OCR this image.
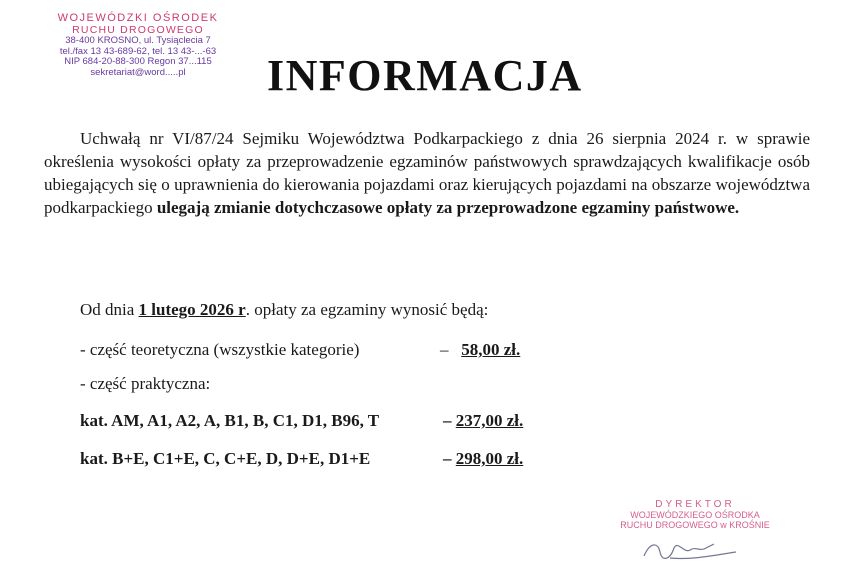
WOJEWÓDZKI OŚRODEK
RUCHU DROGOWEGO
38-400 KROSNO, ul. Tysiąclecia 7
tel./fax 13 43-689-62, tel. 13 43-...-63
NIP 684-20-88-300 Regon 37...115
sekretariat@word.....pl	INFORMACJA

Uchwałą nr VI/87/24 Sejmiku Województwa Podkarpackiego z dnia 26 sierpnia 2024 r. w sprawie określenia wysokości opłaty za przeprowadzenie egzaminów państwowych sprawdzających kwalifikacje osób ubiegających się o uprawnienia do kierowania pojazdami oraz kierujących pojazdami na obszarze województwa podkarpackiego ulegają zmianie dotychczasowe opłaty za przeprowadzone egzaminy państwowe.

Od dnia 1 lutego 2026 r. opłaty za egzaminy wynosić będą:

- część teoretyczna (wszystkie kategorie)	– 58,00 zł.
- część praktyczna:
kat. AM, A1, A2, A, B1, B, C1, D1, B96, T	– 237,00 zł.
kat. B+E, C1+E, C, C+E, D, D+E, D1+E	– 298,00 zł.
DYREKTOR
WOJEWÓDZKIEGO OŚRODKA
RUCHU DROGOWEGO w KROŚNIE
